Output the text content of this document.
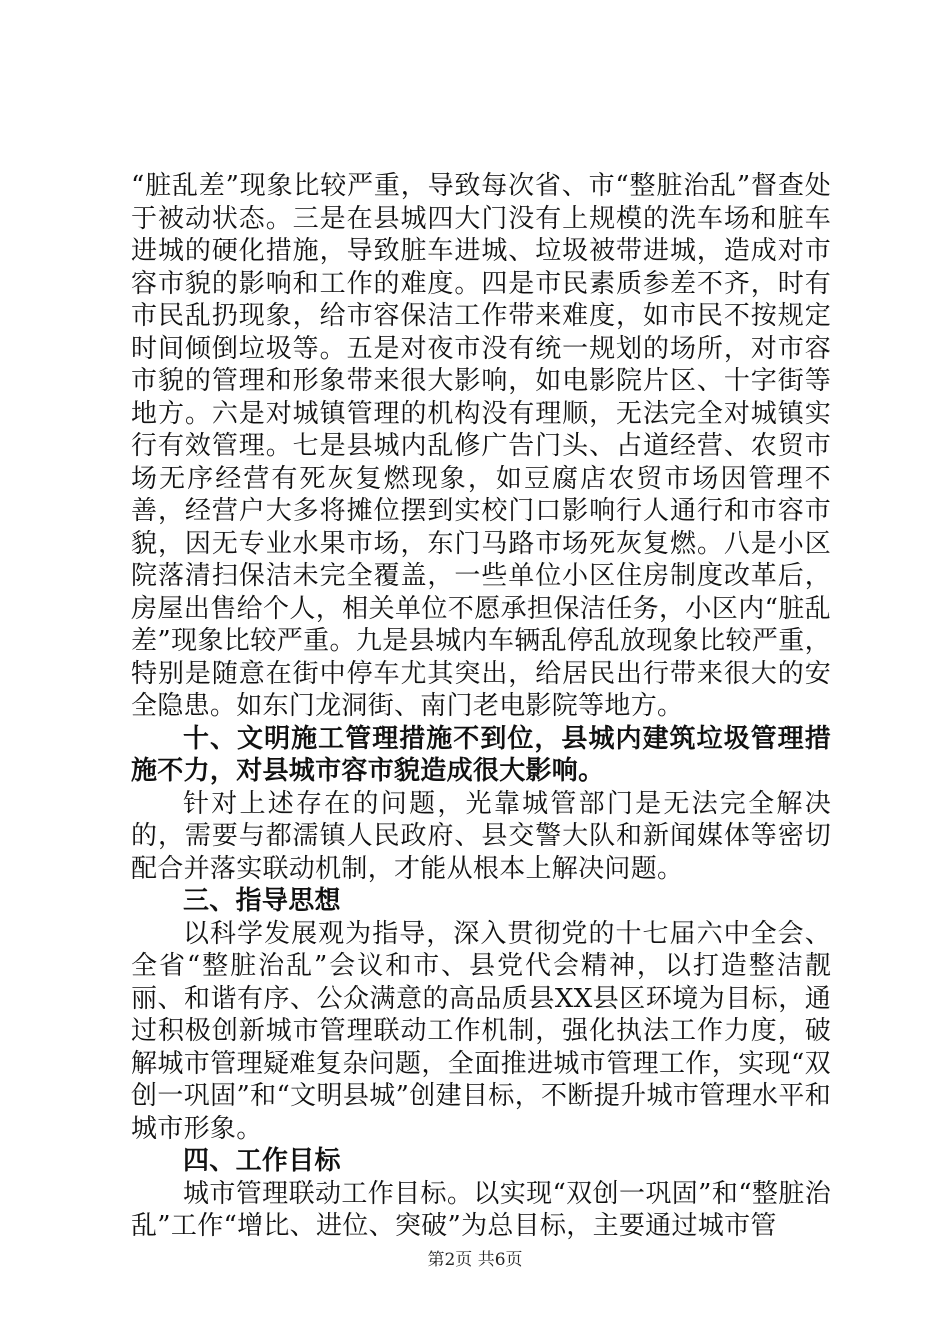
“脏乱差”现象比较严重，导致每次省、市“整脏治乱”督查处于被动状态。三是在县城四大门没有上规模的洗车场和脏车进城的硬化措施，导致脏车进城、垃圾被带进城，造成对市容市貌的影响和工作的难度。四是市民素质参差不齐，时有市民乱扔现象，给市容保洁工作带来难度，如市民不按规定时间倾倒垃圾等。五是对夜市没有统一规划的场所，对市容市貌的管理和形象带来很大影响，如电影院片区、十字街等地方。六是对城镇管理的机构没有理顺，无法完全对城镇实行有效管理。七是县城内乱修广告门头、占道经营、农贸市场无序经营有死灰复燃现象，如豆腐店农贸市场因管理不善，经营户大多将摊位摆到实校门口影响行人通行和市容市貌，因无专业水果市场，东门马路市场死灰复燃。八是小区院落清扫保洁未完全覆盖，一些单位小区住房制度改革后，房屋出售给个人，相关单位不愿承担保洁任务，小区内“脏乱差”现象比较严重。九是县城内车辆乱停乱放现象比较严重，特别是随意在街中停车尤其突出，给居民出行带来很大的安全隐患。如东门龙洞街、南门老电影院等地方。

十、文明施工管理措施不到位，县城内建筑垃圾管理措施不力，对县城市容市貌造成很大影响。

针对上述存在的问题，光靠城管部门是无法完全解决的，需要与都濡镇人民政府、县交警大队和新闻媒体等密切配合并落实联动机制，才能从根本上解决问题。

三、指导思想

以科学发展观为指导，深入贯彻党的十七届六中全会、全省“整脏治乱”会议和市、县党代会精神，以打造整洁靓丽、和谐有序、公众满意的高品质县XX县区环境为目标，通过积极创新城市管理联动工作机制，强化执法工作力度，破解城市管理疑难复杂问题，全面推进城市管理工作，实现“双创一巩固”和“文明县城”创建目标，不断提升城市管理水平和城市形象。

四、工作目标

城市管理联动工作目标。以实现“双创一巩固”和“整脏治乱”工作“增比、进位、突破”为总目标，主要通过城市管

第2页 共6页
